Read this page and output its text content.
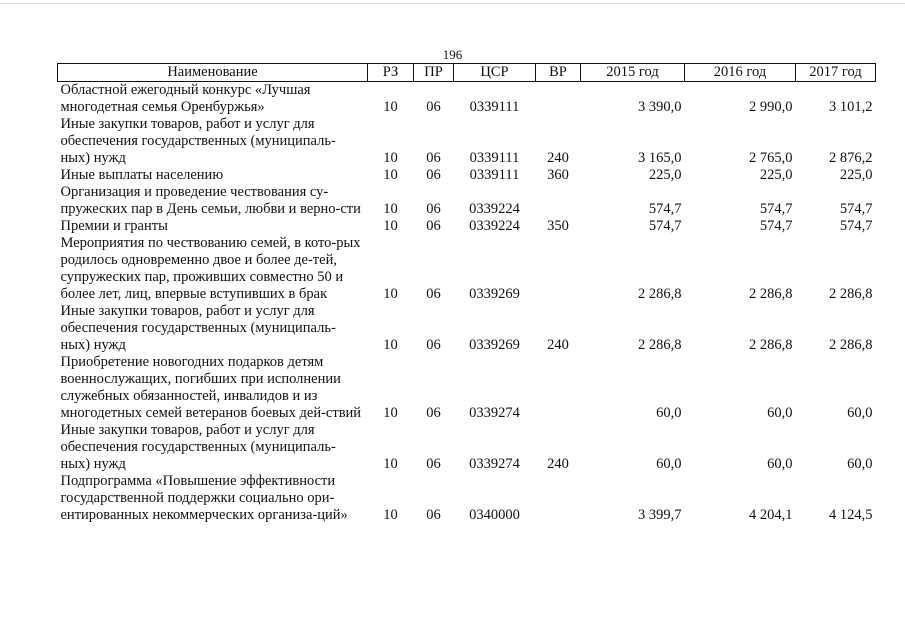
196
Наименование	РЗ	ПР	ЦСР	ВР	2015 год	2016 год	2017 год
Областной ежегодный конкурс «Лучшая многодетная семья Оренбуржья»	10	06	0339111		3 390,0	2 990,0	3 101,2
Иные закупки товаров, работ и услуг для обеспечения государственных (муниципаль-ных) нужд	10	06	0339111	240	3 165,0	2 765,0	2 876,2
Иные выплаты населению	10	06	0339111	360	225,0	225,0	225,0
Организация и проведение чествования су-пружеских пар в День семьи, любви и верно-сти	10	06	0339224		574,7	574,7	574,7
Премии и гранты	10	06	0339224	350	574,7	574,7	574,7
Мероприятия по чествованию семей, в кото-рых родилось одновременно двое и более де-тей, супружеских пар, проживших совместно 50 и более лет, лиц, впервые вступивших в брак	10	06	0339269		2 286,8	2 286,8	2 286,8
Иные закупки товаров, работ и услуг для обеспечения государственных (муниципаль-ных) нужд	10	06	0339269	240	2 286,8	2 286,8	2 286,8
Приобретение новогодних подарков детям военнослужащих, погибших при исполнении служебных обязанностей, инвалидов и из многодетных семей ветеранов боевых дей-ствий	10	06	0339274		60,0	60,0	60,0
Иные закупки товаров, работ и услуг для обеспечения государственных (муниципаль-ных) нужд	10	06	0339274	240	60,0	60,0	60,0
Подпрограмма «Повышение эффективности государственной поддержки социально ори-ентированных некоммерческих организа-ций»	10	06	0340000		3 399,7	4 204,1	4 124,5
